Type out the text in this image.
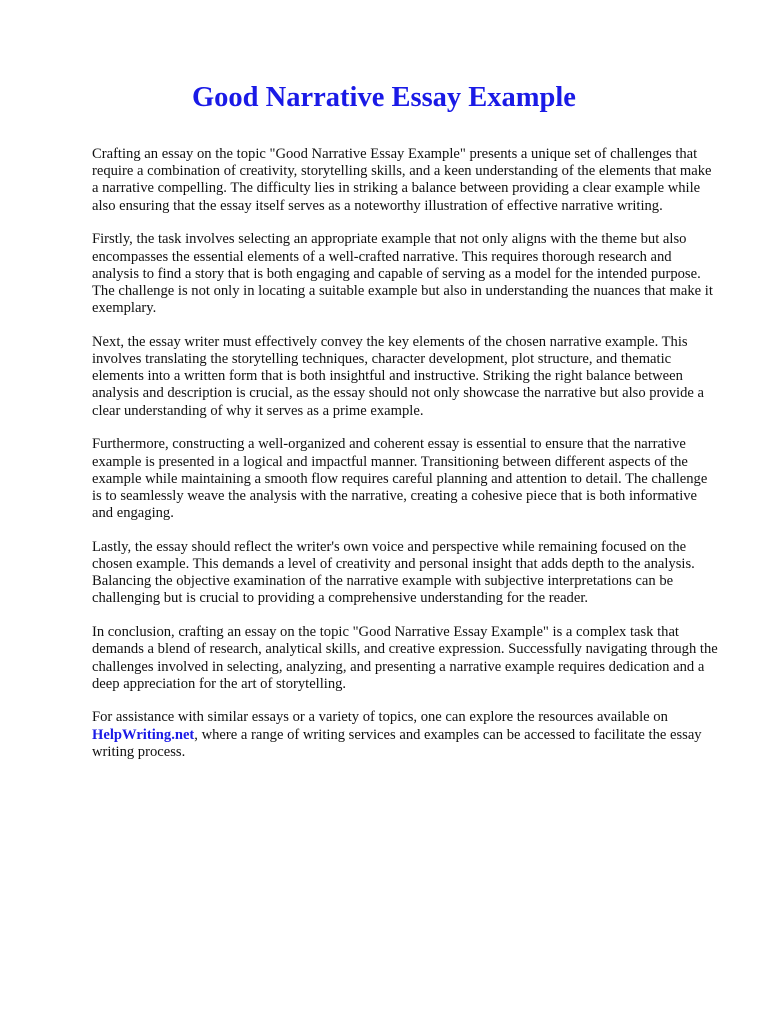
Good Narrative Essay Example

Crafting an essay on the topic "Good Narrative Essay Example" presents a unique set of challenges that require a combination of creativity, storytelling skills, and a keen understanding of the elements that make a narrative compelling. The difficulty lies in striking a balance between providing a clear example while also ensuring that the essay itself serves as a noteworthy illustration of effective narrative writing.

Firstly, the task involves selecting an appropriate example that not only aligns with the theme but also encompasses the essential elements of a well-crafted narrative. This requires thorough research and analysis to find a story that is both engaging and capable of serving as a model for the intended purpose. The challenge is not only in locating a suitable example but also in understanding the nuances that make it exemplary.

Next, the essay writer must effectively convey the key elements of the chosen narrative example. This involves translating the storytelling techniques, character development, plot structure, and thematic elements into a written form that is both insightful and instructive. Striking the right balance between analysis and description is crucial, as the essay should not only showcase the narrative but also provide a clear understanding of why it serves as a prime example.

Furthermore, constructing a well-organized and coherent essay is essential to ensure that the narrative example is presented in a logical and impactful manner. Transitioning between different aspects of the example while maintaining a smooth flow requires careful planning and attention to detail. The challenge is to seamlessly weave the analysis with the narrative, creating a cohesive piece that is both informative and engaging.

Lastly, the essay should reflect the writer's own voice and perspective while remaining focused on the chosen example. This demands a level of creativity and personal insight that adds depth to the analysis. Balancing the objective examination of the narrative example with subjective interpretations can be challenging but is crucial to providing a comprehensive understanding for the reader.

In conclusion, crafting an essay on the topic "Good Narrative Essay Example" is a complex task that demands a blend of research, analytical skills, and creative expression. Successfully navigating through the challenges involved in selecting, analyzing, and presenting a narrative example requires dedication and a deep appreciation for the art of storytelling.

For assistance with similar essays or a variety of topics, one can explore the resources available on HelpWriting.net, where a range of writing services and examples can be accessed to facilitate the essay writing process.
